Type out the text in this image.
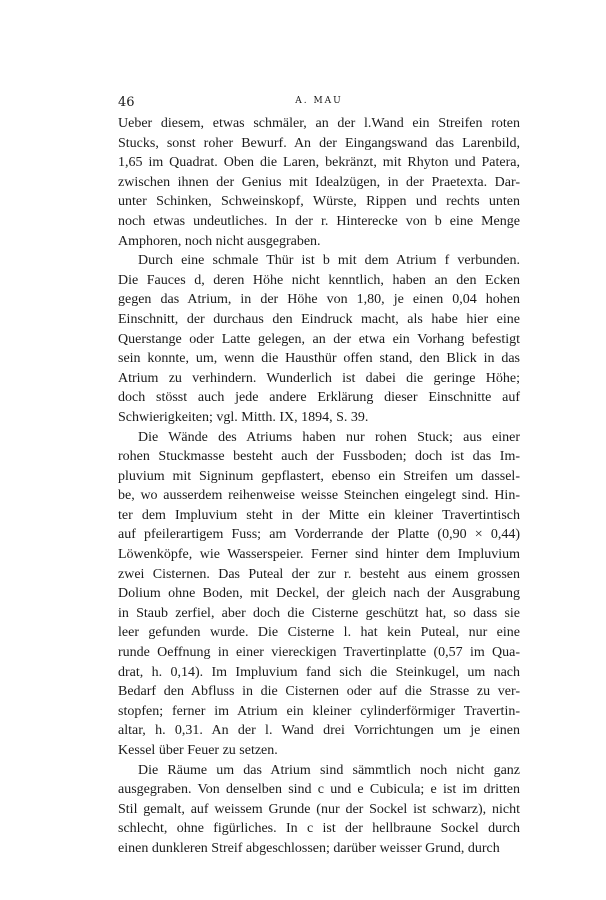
46	A. MAU
Ueber diesem, etwas schmäler, an der l.Wand ein Streifen roten
Stucks, sonst roher Bewurf. An der Eingangswand das Larenbild,
1,65 im Quadrat. Oben die Laren, bekränzt, mit Rhyton und Patera,
zwischen ihnen der Genius mit Idealzügen, in der Praetexta. Dar-
unter Schinken, Schweinskopf, Würste, Rippen und rechts unten
noch etwas undeutliches. In der r. Hinterecke von b eine Menge
Amphoren, noch nicht ausgegraben.
Durch eine schmale Thür ist b mit dem Atrium f verbunden.
Die Fauces d, deren Höhe nicht kenntlich, haben an den Ecken
gegen das Atrium, in der Höhe von 1,80, je einen 0,04 hohen
Einschnitt, der durchaus den Eindruck macht, als habe hier eine
Querstange oder Latte gelegen, an der etwa ein Vorhang befestigt
sein konnte, um, wenn die Hausthür offen stand, den Blick in das
Atrium zu verhindern. Wunderlich ist dabei die geringe Höhe;
doch stösst auch jede andere Erklärung dieser Einschnitte auf
Schwierigkeiten; vgl. Mitth. IX, 1894, S. 39.
Die Wände des Atriums haben nur rohen Stuck; aus einer
rohen Stuckmasse besteht auch der Fussboden; doch ist das Im-
pluvium mit Signinum gepflastert, ebenso ein Streifen um dassel-
be, wo ausserdem reihenweise weisse Steinchen eingelegt sind. Hin-
ter dem Impluvium steht in der Mitte ein kleiner Travertintisch
auf pfeilerartigem Fuss; am Vorderrande der Platte (0,90 × 0,44)
Löwenköpfe, wie Wasserspeier. Ferner sind hinter dem Impluvium
zwei Cisternen. Das Puteal der zur r. besteht aus einem grossen
Dolium ohne Boden, mit Deckel, der gleich nach der Ausgrabung
in Staub zerfiel, aber doch die Cisterne geschützt hat, so dass sie
leer gefunden wurde. Die Cisterne l. hat kein Puteal, nur eine
runde Oeffnung in einer viereckigen Travertinplatte (0,57 im Qua-
drat, h. 0,14). Im Impluvium fand sich die Steinkugel, um nach
Bedarf den Abfluss in die Cisternen oder auf die Strasse zu ver-
stopfen; ferner im Atrium ein kleiner cylinderförmiger Travertin-
altar, h. 0,31. An der l. Wand drei Vorrichtungen um je einen
Kessel über Feuer zu setzen.
Die Räume um das Atrium sind sämmtlich noch nicht ganz
ausgegraben. Von denselben sind c und e Cubicula; e ist im dritten
Stil gemalt, auf weissem Grunde (nur der Sockel ist schwarz), nicht
schlecht, ohne figürliches. In c ist der hellbraune Sockel durch
einen dunkleren Streif abgeschlossen; darüber weisser Grund, durch
